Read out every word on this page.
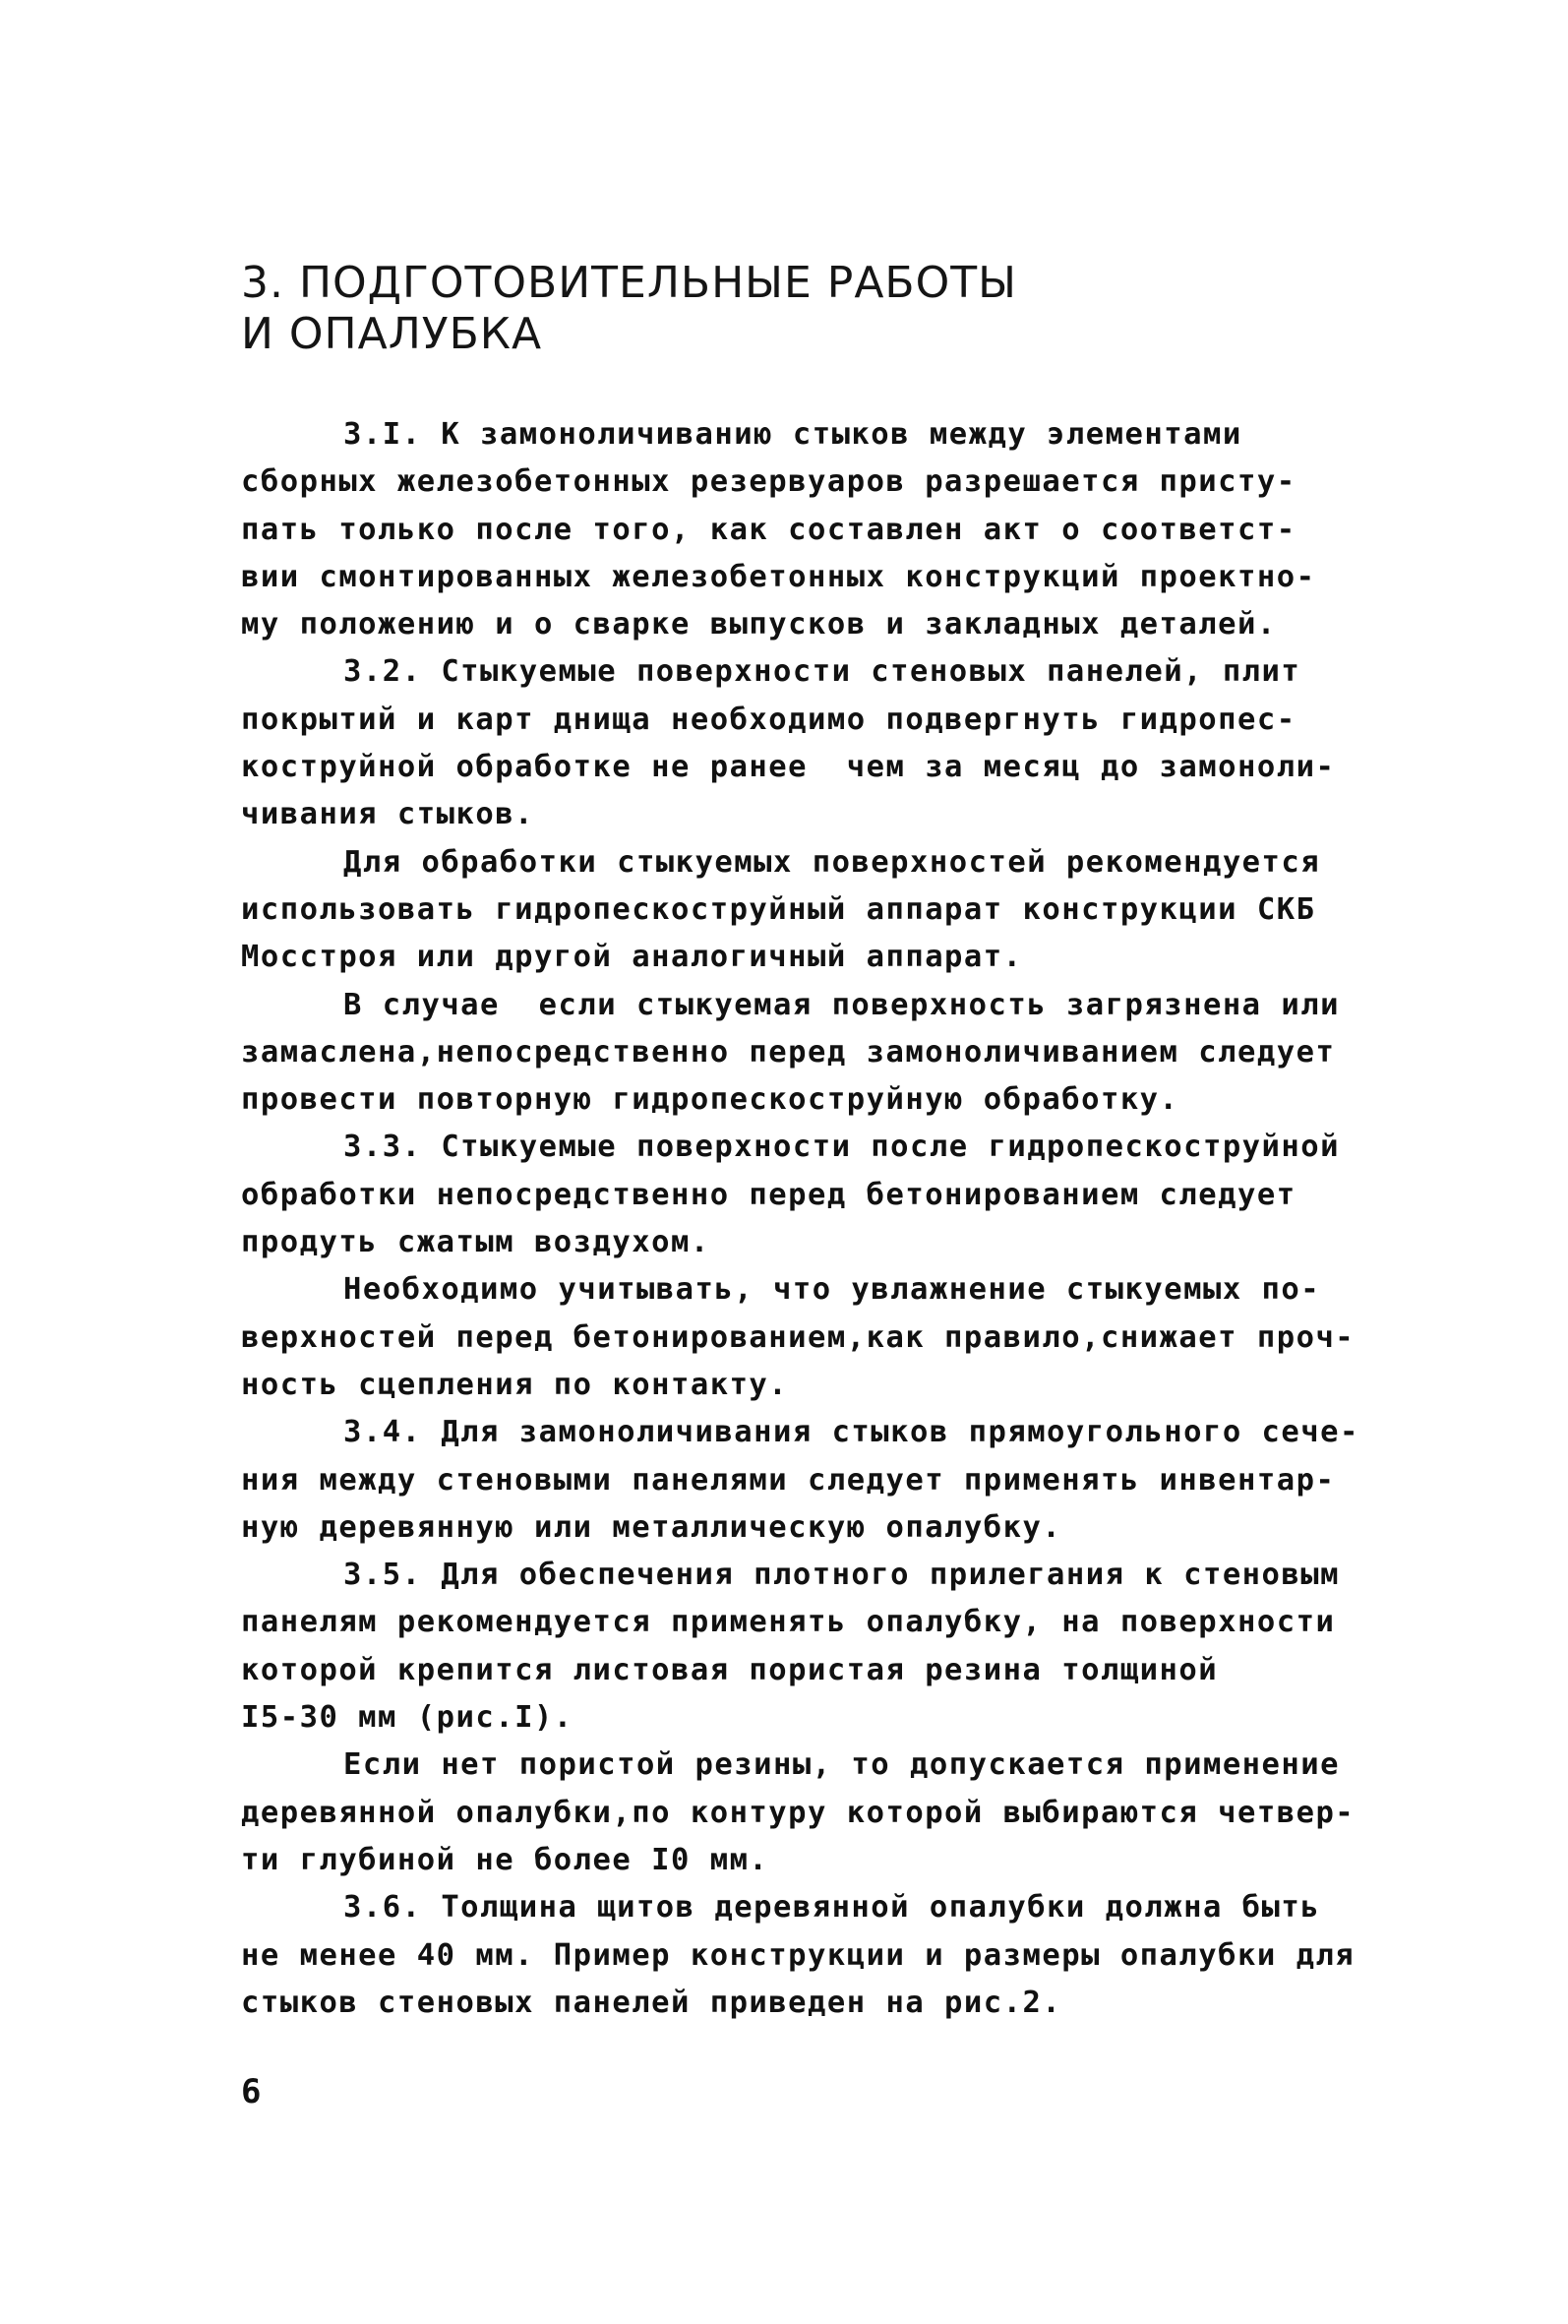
3. ПОДГОТОВИТЕЛЬНЫЕ РАБОТЫ
И ОПАЛУБКА
3.I. К замоноличиванию стыков между элементами
сборных железобетонных резервуаров разрешается присту-
пать только после того, как составлен акт о соответст-
вии смонтированных железобетонных конструкций проектно-
му положению и о сварке выпусков и закладных деталей.
3.2. Стыкуемые поверхности стеновых панелей, плит
покрытий и карт днища необходимо подвергнуть гидропес-
коструйной обработке не ранее  чем за месяц до замоноли-
чивания стыков.
Для обработки стыкуемых поверхностей рекомендуется
использовать гидропескоструйный аппарат конструкции СКБ
Мосстроя или другой аналогичный аппарат.
В случае  если стыкуемая поверхность загрязнена или
замаслена,непосредственно перед замоноличиванием следует
провести повторную гидропескоструйную обработку.
3.3. Стыкуемые поверхности после гидропескоструйной
обработки непосредственно перед бетонированием следует
продуть сжатым воздухом.
Необходимо учитывать, что увлажнение стыкуемых по-
верхностей перед бетонированием,как правило,снижает проч-
ность сцепления по контакту.
3.4. Для замоноличивания стыков прямоугольного сече-
ния между стеновыми панелями следует применять инвентар-
ную деревянную или металлическую опалубку.
3.5. Для обеспечения плотного прилегания к стеновым
панелям рекомендуется применять опалубку, на поверхности
которой крепится листовая пористая резина толщиной
I5-30 мм (рис.I).
Если нет пористой резины, то допускается применение
деревянной опалубки,по контуру которой выбираются четвер-
ти глубиной не более I0 мм.
3.6. Толщина щитов деревянной опалубки должна быть
не менее 40 мм. Пример конструкции и размеры опалубки для
стыков стеновых панелей приведен на рис.2.
6
